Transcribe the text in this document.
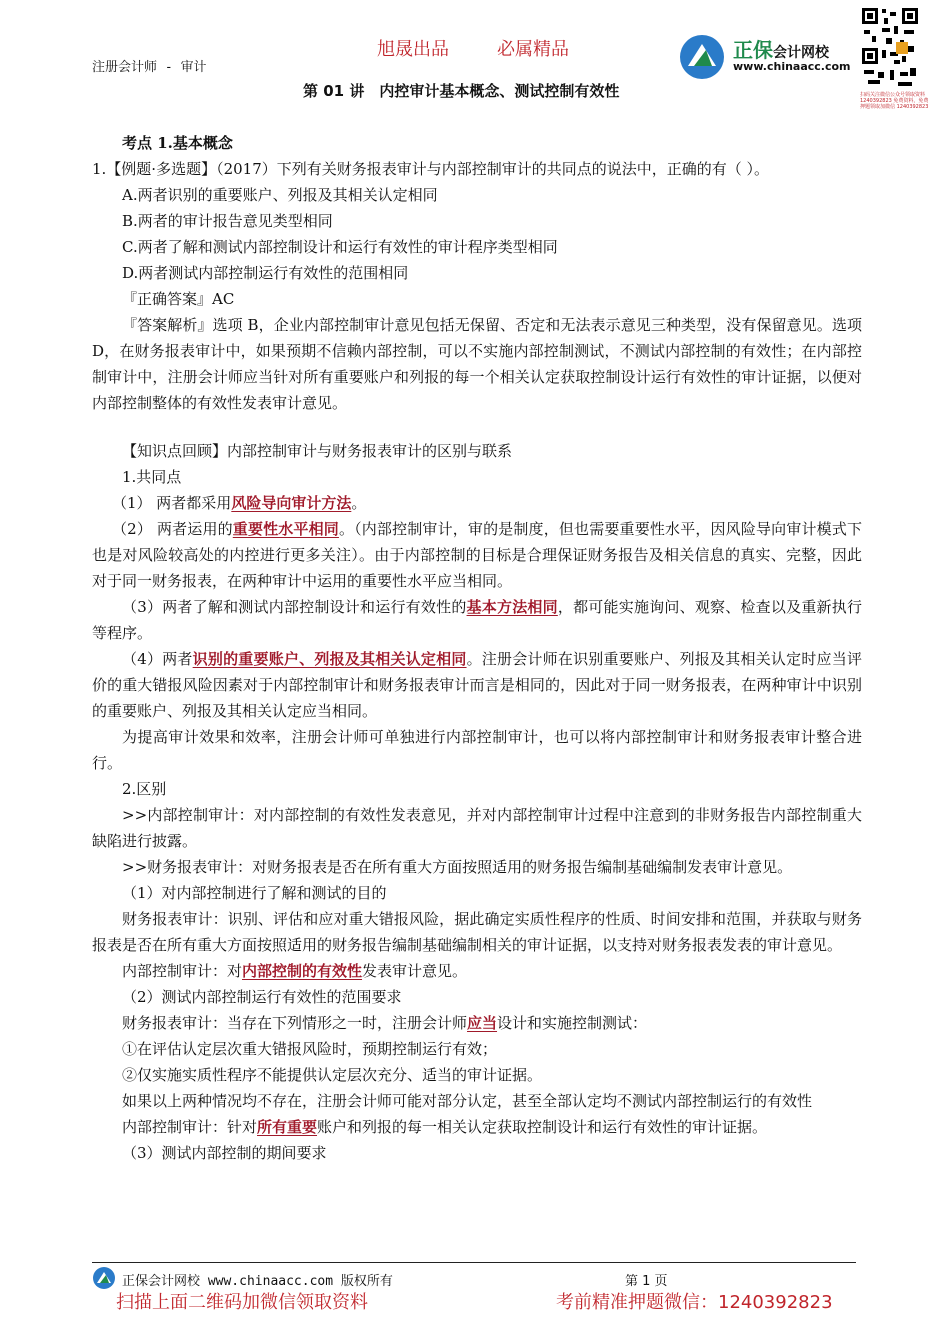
旭晟出品	必属精品
注册会计师 - 审计
第 01 讲　内控审计基本概念、测试控制有效性
正保会计网校
www.chinaacc.com
扫码关注微信公众号领取资料 1240392823 免费资料，免费押题领取加微信 1240392823

考点 1.基本概念

1.【例题·多选题】（2017）下列有关财务报表审计与内部控制审计的共同点的说法中，正确的有（ ）。

A.两者识别的重要账户、列报及其相关认定相同

B.两者的审计报告意见类型相同

C.两者了解和测试内部控制设计和运行有效性的审计程序类型相同

D.两者测试内部控制运行有效性的范围相同

『正确答案』AC

『答案解析』选项 B，企业内部控制审计意见包括无保留、否定和无法表示意见三种类型，没有保留意见。选项 D，在财务报表审计中，如果预期不信赖内部控制，可以不实施内部控制测试，不测试内部控制的有效性；在内部控制审计中，注册会计师应当针对所有重要账户和列报的每一个相关认定获取控制设计运行有效性的审计证据，以便对内部控制整体的有效性发表审计意见。

【知识点回顾】内部控制审计与财务报表审计的区别与联系

1.共同点

（1） 两者都采用风险导向审计方法。

（2） 两者运用的重要性水平相同。（内部控制审计，审的是制度，但也需要重要性水平，因风险导向审计模式下也是对风险较高处的内控进行更多关注）。由于内部控制的目标是合理保证财务报告及相关信息的真实、完整，因此对于同一财务报表，在两种审计中运用的重要性水平应当相同。

（3）两者了解和测试内部控制设计和运行有效性的基本方法相同，都可能实施询问、观察、检查以及重新执行等程序。

（4）两者识别的重要账户、列报及其相关认定相同。注册会计师在识别重要账户、列报及其相关认定时应当评价的重大错报风险因素对于内部控制审计和财务报表审计而言是相同的，因此对于同一财务报表，在两种审计中识别的重要账户、列报及其相关认定应当相同。

为提高审计效果和效率，注册会计师可单独进行内部控制审计，也可以将内部控制审计和财务报表审计整合进行。

2.区别

>>内部控制审计：对内部控制的有效性发表意见，并对内部控制审计过程中注意到的非财务报告内部控制重大缺陷进行披露。

>>财务报表审计：对财务报表是否在所有重大方面按照适用的财务报告编制基础编制发表审计意见。

（1）对内部控制进行了解和测试的目的

财务报表审计：识别、评估和应对重大错报风险，据此确定实质性程序的性质、时间安排和范围，并获取与财务报表是否在所有重大方面按照适用的财务报告编制基础编制相关的审计证据，以支持对财务报表发表的审计意见。

内部控制审计：对内部控制的有效性发表审计意见。

（2）测试内部控制运行有效性的范围要求

财务报表审计：当存在下列情形之一时，注册会计师应当设计和实施控制测试：

①在评估认定层次重大错报风险时，预期控制运行有效；

②仅实施实质性程序不能提供认定层次充分、适当的审计证据。

如果以上两种情况均不存在，注册会计师可能对部分认定，甚至全部认定均不测试内部控制运行的有效性

内部控制审计：针对所有重要账户和列报的每一相关认定获取控制设计和运行有效性的审计证据。

（3）测试内部控制的期间要求

正保会计网校 www.chinaacc.com 版权所有	第 1 页
扫描上面二维码加微信领取资料	考前精准押题微信：1240392823
